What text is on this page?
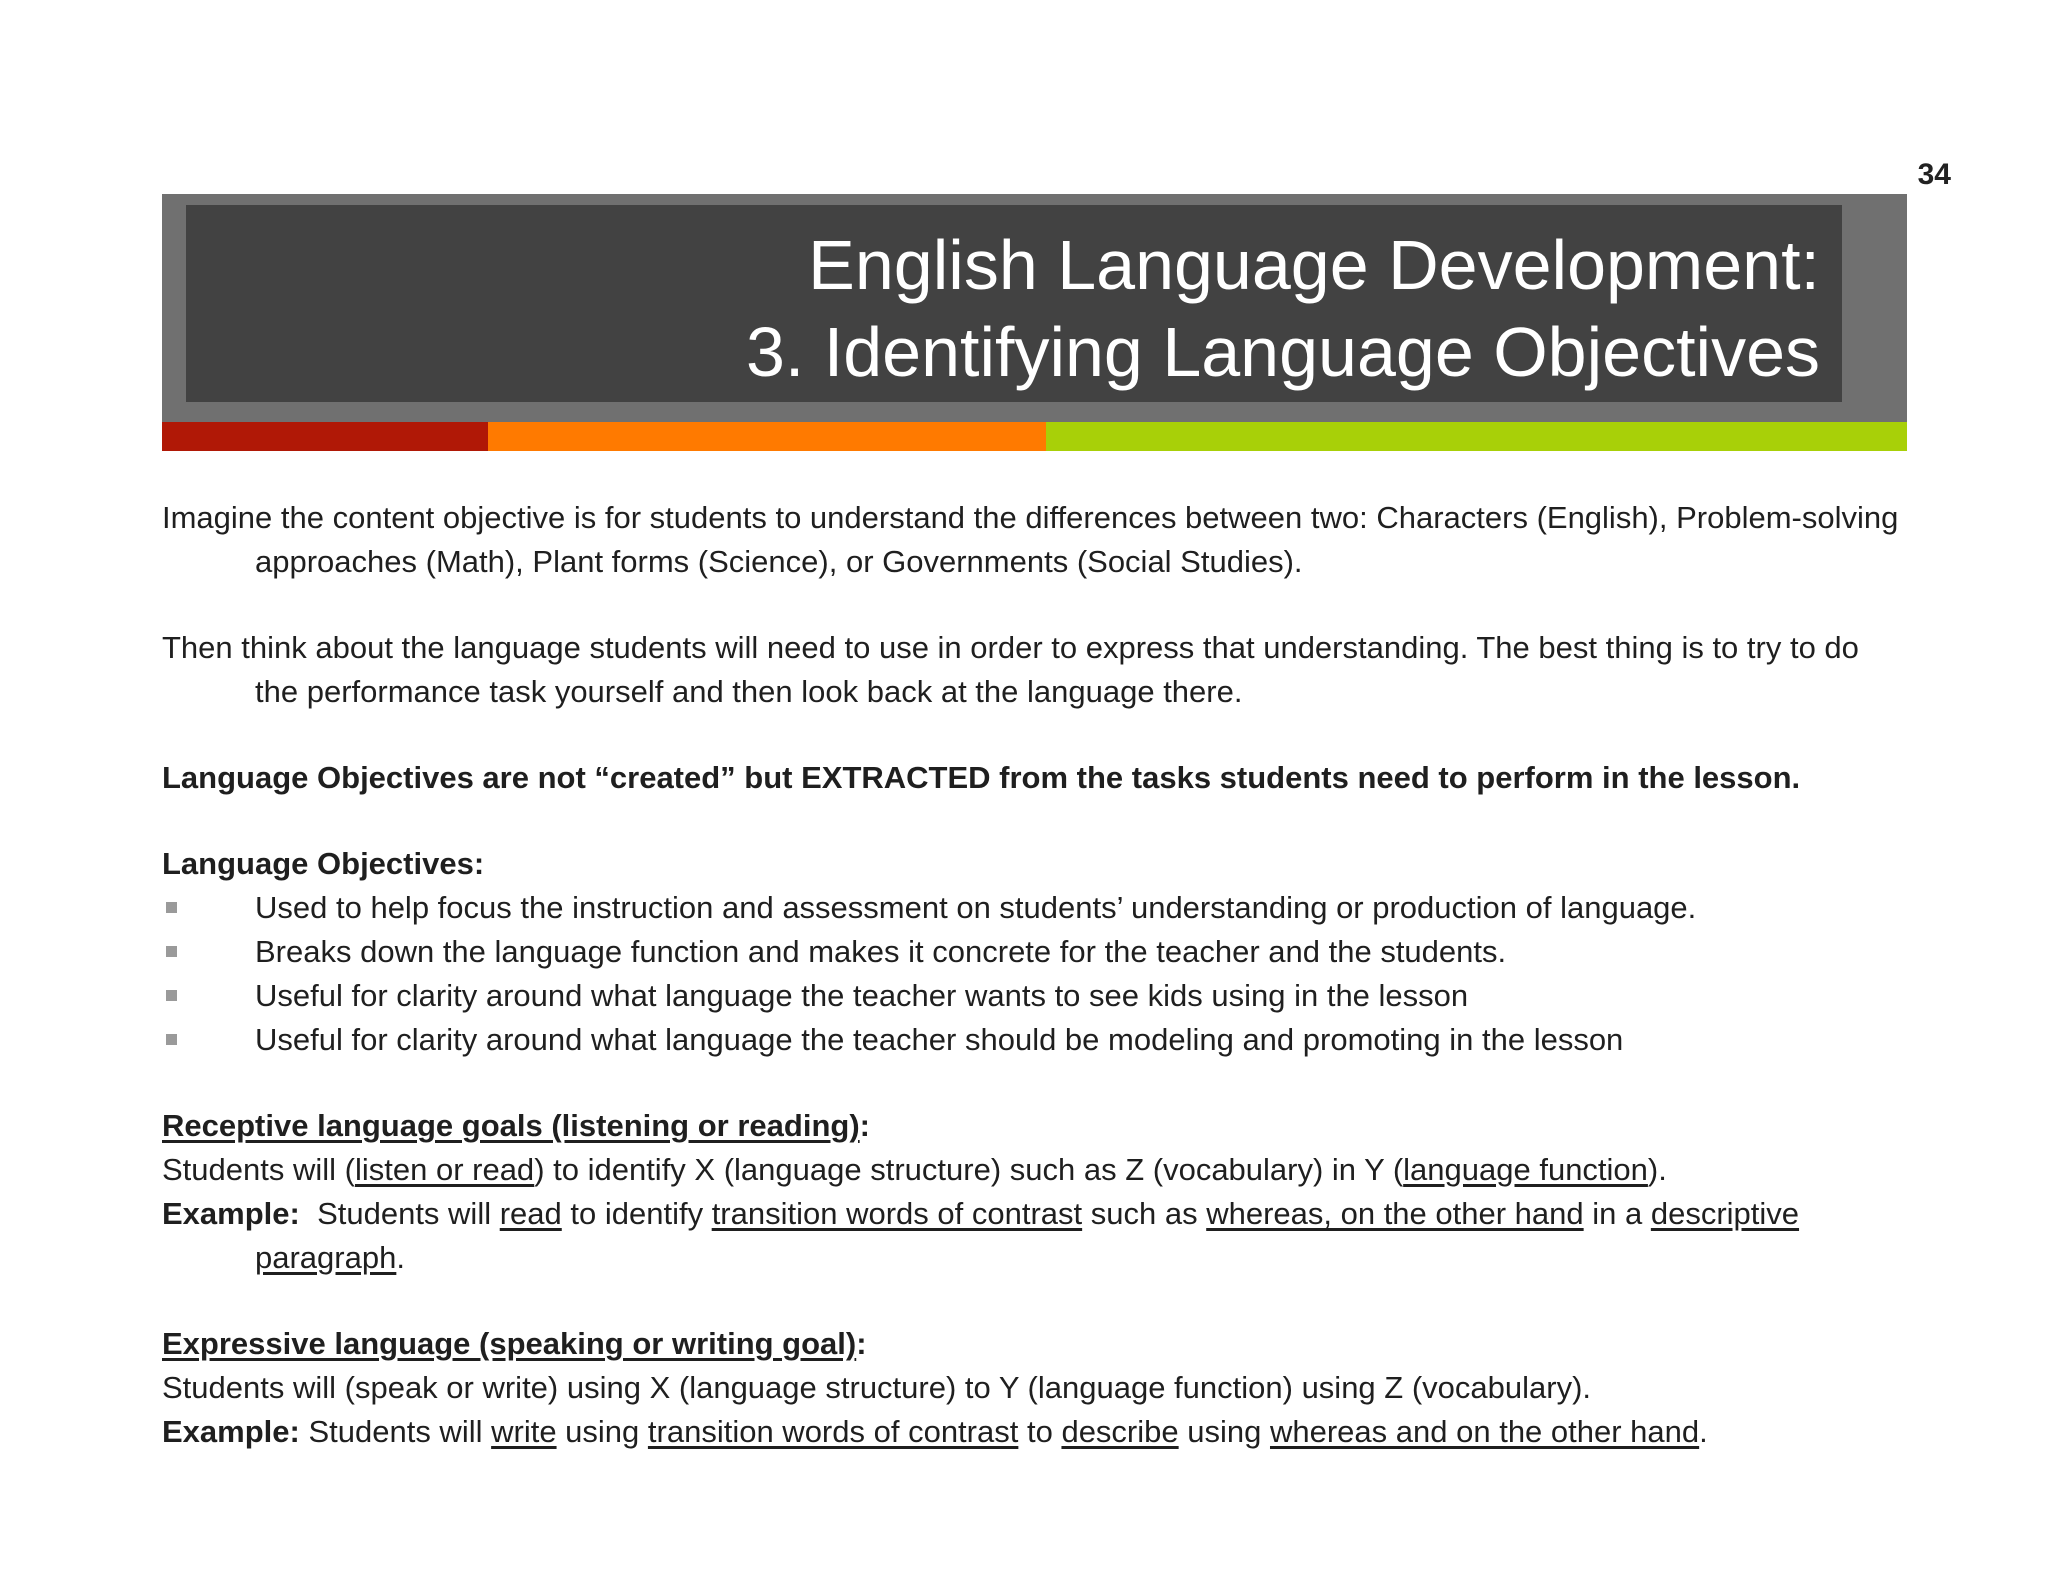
34
English Language Development:
3. Identifying Language Objectives

Imagine the content objective is for students to understand the differences between two: Characters (English), Problem-solving approaches (Math), Plant forms (Science), or Governments (Social Studies).

Then think about the language students will need to use in order to express that understanding. The best thing is to try to do the performance task yourself and then look back at the language there.

Language Objectives are not “created” but EXTRACTED from the tasks students need to perform in the lesson.

Language Objectives:
Used to help focus the instruction and assessment on students’ understanding or production of language.
Breaks down the language function and makes it concrete for the teacher and the students.
Useful for clarity around what language the teacher wants to see kids using in the lesson
Useful for clarity around what language the teacher should be modeling and promoting in the lesson
Receptive language goals (listening or reading):
Students will (listen or read) to identify X (language structure) such as Z (vocabulary) in Y (language function).

Example:  Students will read to identify transition words of contrast such as whereas, on the other hand in a descriptive paragraph.

Expressive language (speaking or writing goal):
Students will (speak or write) using X (language structure) to Y (language function) using Z (vocabulary).
Example: Students will write using transition words of contrast to describe using whereas and on the other hand.
